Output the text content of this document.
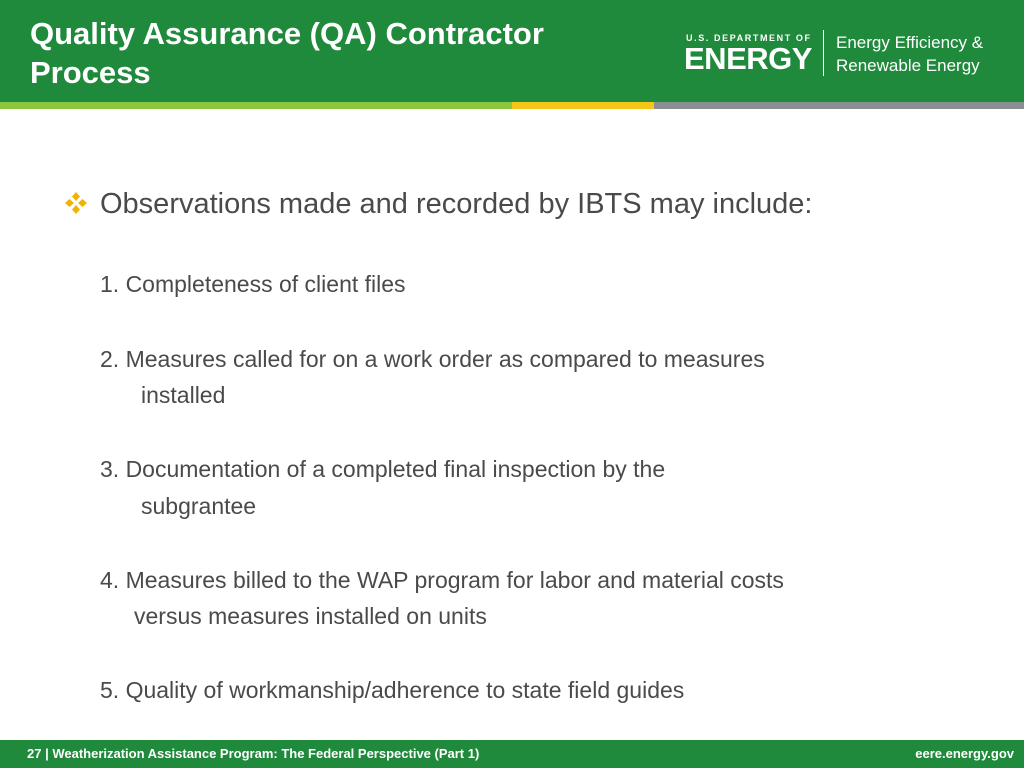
Quality Assurance (QA) Contractor
Process
U.S. DEPARTMENT OF
ENERGY Energy Efficiency &
Renewable Energy
Observations made and recorded by IBTS may include:
1. Completeness of client files
2. Measures called for on a work order as compared to measures
installed
3. Documentation of a completed final inspection by the
subgrantee
4. Measures billed to the WAP program for labor and material costs
versus measures installed on units
5. Quality of workmanship/adherence to state field guides
27 | Weatherization Assistance Program: The Federal Perspective (Part 1)	eere.energy.gov
